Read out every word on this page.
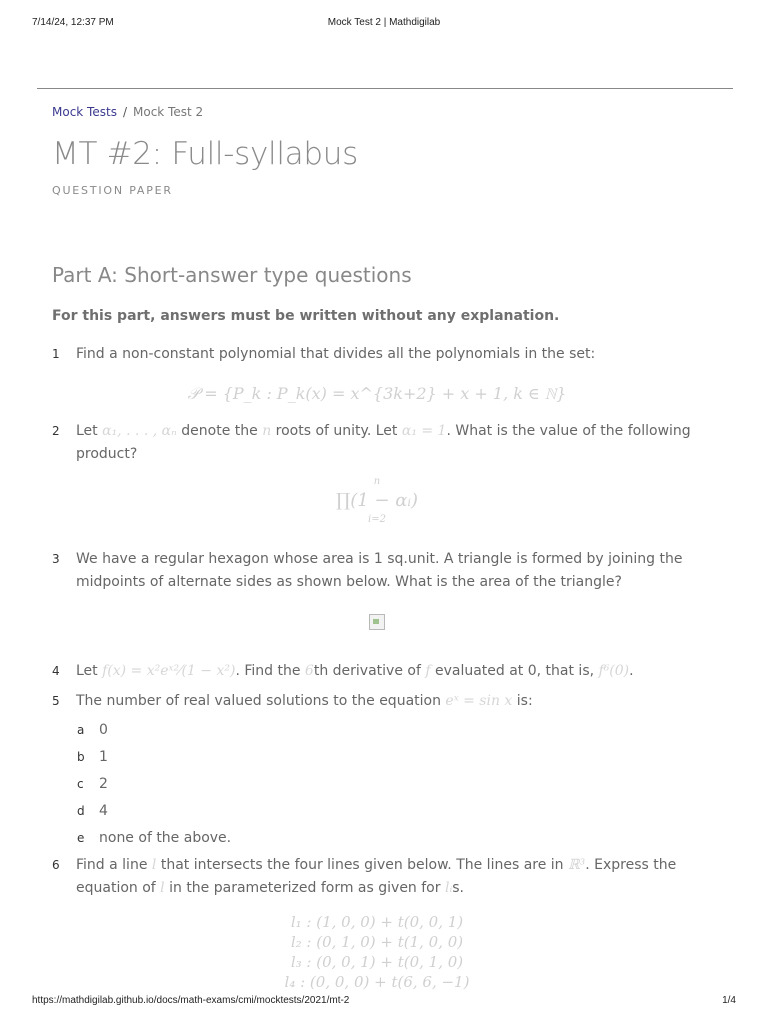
7/14/24, 12:37 PM	Mock Test 2 | Mathdigilab
Mock Tests / Mock Test 2
MT #2: Full-syllabus
QUESTION PAPER
Part A: Short-answer type questions
For this part, answers must be written without any explanation.
1 Find a non-constant polynomial that divides all the polynomials in the set:
𝒫 = {P_k : P_k(x) = x^{3k+2} + x + 1, k ∈ ℕ}
2 Let α₁, . . . , αₙ denote the n roots of unity. Let α₁ = 1. What is the value of the following product?
n
∏(1 − αᵢ)
i=2
3 We have a regular hexagon whose area is 1 sq.unit. A triangle is formed by joining the midpoints of alternate sides as shown below. What is the area of the triangle?
4 Let f(x) = x²eˣ²⁄(1 − x²). Find the 6th derivative of f evaluated at 0, that is, f⁶(0).
5 The number of real valued solutions to the equation eˣ = sin x is:
a 0
b 1
c 2
d 4
e none of the above.
6 Find a line l that intersects the four lines given below. The lines are in ℝ³. Express the equation of l in the parameterized form as given for lᵢs.
l₁ : (1, 0, 0) + t(0, 0, 1)
l₂ : (0, 1, 0) + t(1, 0, 0)
l₃ : (0, 0, 1) + t(0, 1, 0)
l₄ : (0, 0, 0) + t(6, 6, −1)
https://mathdigilab.github.io/docs/math-exams/cmi/mocktests/2021/mt-2	1/4
